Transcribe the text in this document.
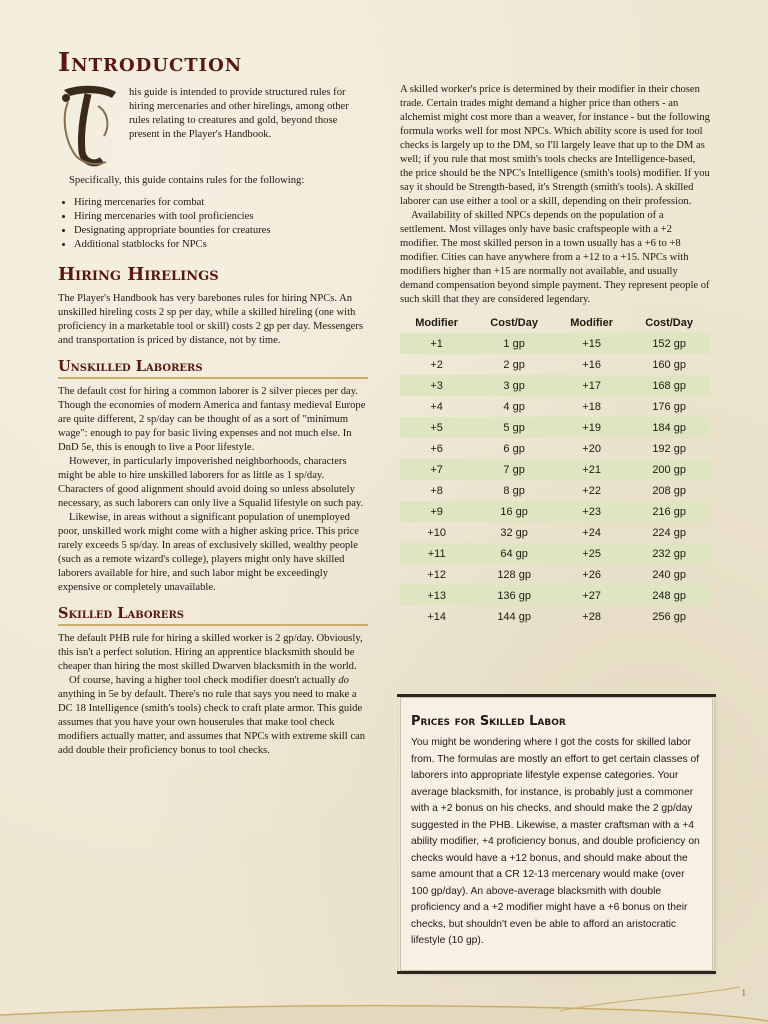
Introduction
his guide is intended to provide structured rules for hiring mercenaries and other hirelings, among other rules relating to creatures and gold, beyond those present in the Player's Handbook.

Specifically, this guide contains rules for the following:

• Hiring mercenaries for combat
• Hiring mercenaries with tool proficiencies
• Designating appropriate bounties for creatures
• Additional statblocks for NPCs
Hiring Hirelings

The Player's Handbook has very barebones rules for hiring NPCs. An unskilled hireling costs 2 sp per day, while a skilled hireling (one with proficiency in a marketable tool or skill) costs 2 gp per day. Messengers and transportation is priced by distance, not by time.

Unskilled Laborers

The default cost for hiring a common laborer is 2 silver pieces per day. Though the economies of modern America and fantasy medieval Europe are quite different, 2 sp/day can be thought of as a sort of "minimum wage": enough to pay for basic living expenses and not much else. In DnD 5e, this is enough to live a Poor lifestyle.

However, in particularly impoverished neighborhoods, characters might be able to hire unskilled laborers for as little as 1 sp/day. Characters of good alignment should avoid doing so unless absolutely necessary, as such laborers can only live a Squalid lifestyle on such pay.

Likewise, in areas without a significant population of unemployed poor, unskilled work might come with a higher asking price. This price rarely exceeds 5 sp/day. In areas of exclusively skilled, wealthy people (such as a remote wizard's college), players might only have skilled laborers available for hire, and such labor might be exceedingly expensive or completely unavailable.

Skilled Laborers

The default PHB rule for hiring a skilled worker is 2 gp/day. Obviously, this isn't a perfect solution. Hiring an apprentice blacksmith should be cheaper than hiring the most skilled Dwarven blacksmith in the world.

Of course, having a higher tool check modifier doesn't actually do anything in 5e by default. There's no rule that says you need to make a DC 18 Intelligence (smith's tools) check to craft plate armor. This guide assumes that you have your own houserules that make tool check modifiers actually matter, and assumes that NPCs with extreme skill can add double their proficiency bonus to tool checks.

A skilled worker's price is determined by their modifier in their chosen trade. Certain trades might demand a higher price than others - an alchemist might cost more than a weaver, for instance - but the following formula works well for most NPCs. Which ability score is used for tool checks is largely up to the DM, so I'll largely leave that up to the DM as well; if you rule that most smith's tools checks are Intelligence-based, the price should be the NPC's Intelligence (smith's tools) modifier. If you say it should be Strength-based, it's Strength (smith's tools). A skilled laborer can use either a tool or a skill, depending on their profession.

Availability of skilled NPCs depends on the population of a settlement. Most villages only have basic craftspeople with a +2 modifier. The most skilled person in a town usually has a +6 to +8 modifier. Cities can have anywhere from a +12 to a +15. NPCs with modifiers higher than +15 are normally not available, and usually demand compensation beyond simple payment. They represent people of such skill that they are considered legendary.

Modifier	Cost/Day	Modifier	Cost/Day
+1	1 gp	+15	152 gp
+2	2 gp	+16	160 gp
+3	3 gp	+17	168 gp
+4	4 gp	+18	176 gp
+5	5 gp	+19	184 gp
+6	6 gp	+20	192 gp
+7	7 gp	+21	200 gp
+8	8 gp	+22	208 gp
+9	16 gp	+23	216 gp
+10	32 gp	+24	224 gp
+11	64 gp	+25	232 gp
+12	128 gp	+26	240 gp
+13	136 gp	+27	248 gp
+14	144 gp	+28	256 gp
Prices for Skilled Labor

You might be wondering where I got the costs for skilled labor from. The formulas are mostly an effort to get certain classes of laborers into appropriate lifestyle expense categories. Your average blacksmith, for instance, is probably just a commoner with a +2 bonus on his checks, and should make the 2 gp/day suggested in the PHB. Likewise, a master craftsman with a +4 ability modifier, +4 proficiency bonus, and double proficiency on checks would have a +12 bonus, and should make about the same amount that a CR 12-13 mercenary would make (over 100 gp/day). An above-average blacksmith with double proficiency and a +2 modifier might have a +6 bonus on their checks, but shouldn't even be able to afford an aristocratic lifestyle (10 gp).

1
